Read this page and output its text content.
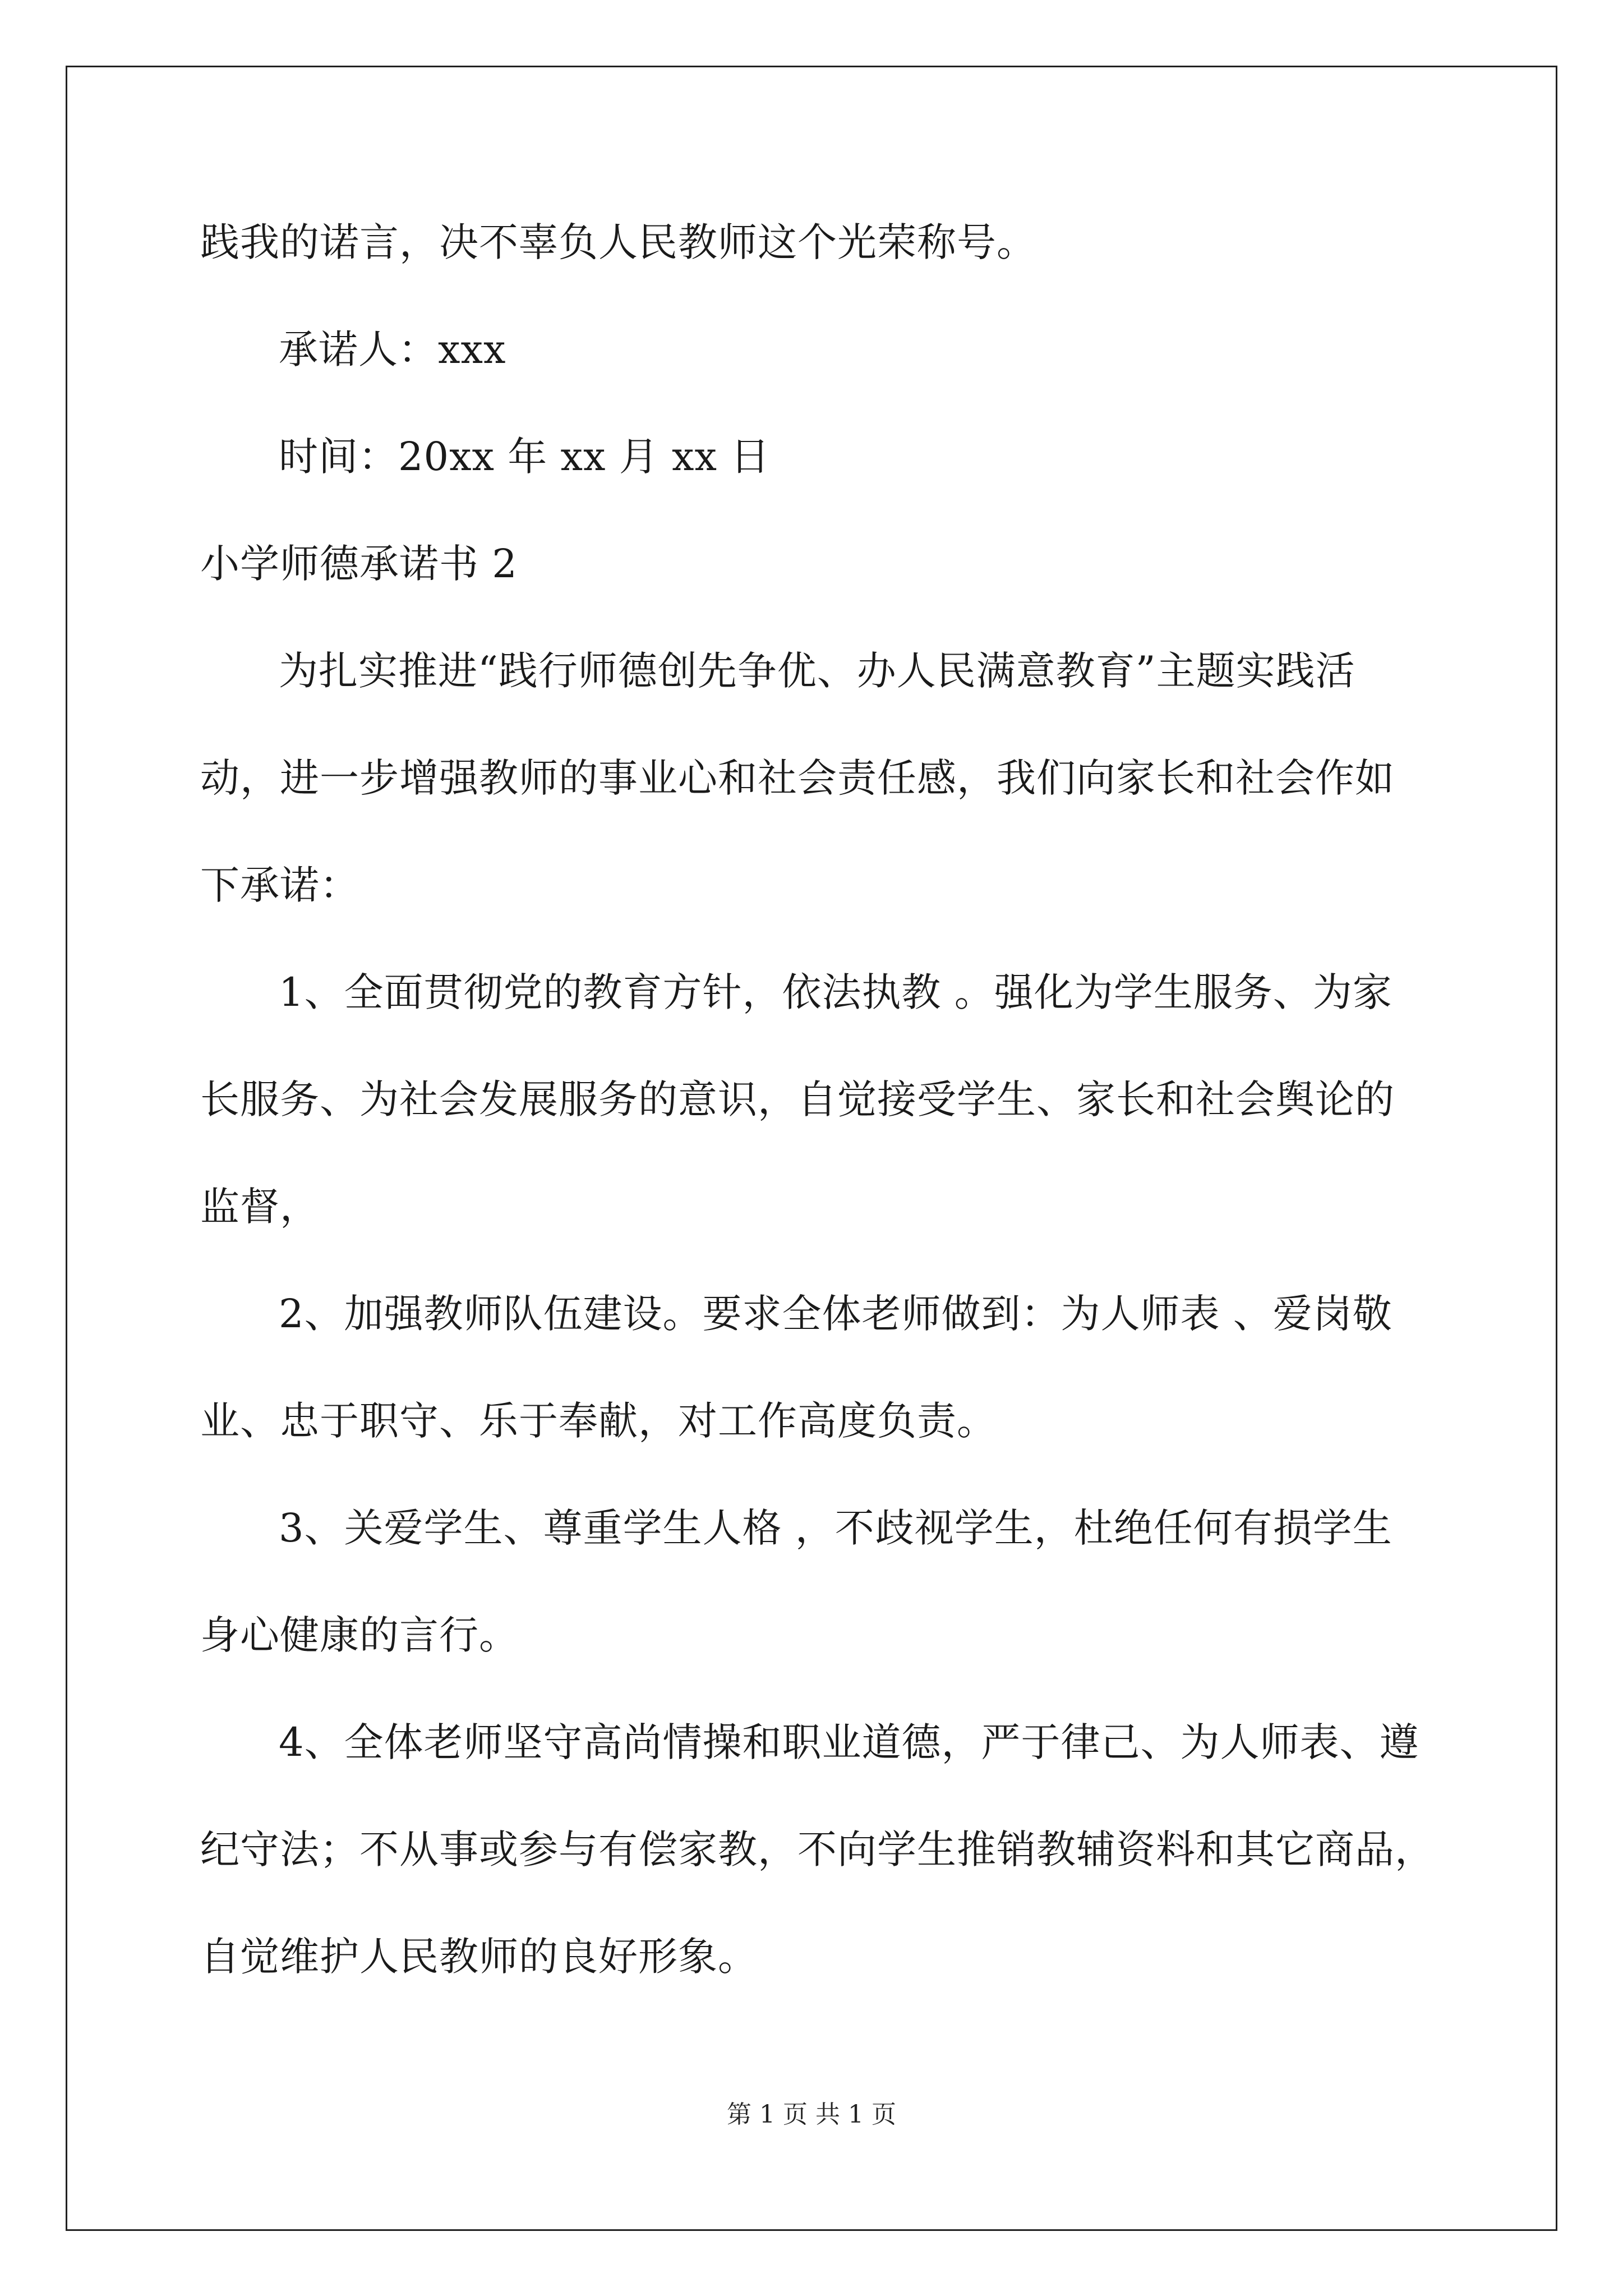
践我的诺言，决不辜负人民教师这个光荣称号。
承诺人：xxx
时间：20xx 年 xx 月 xx 日
小学师德承诺书 2
为扎实推进“践行师德创先争优、办人民满意教育”主题实践活
动，进一步增强教师的事业心和社会责任感，我们向家长和社会作如
下承诺：
1、全面贯彻党的教育方针，依法执教 。强化为学生服务、为家
长服务、为社会发展服务的意识，自觉接受学生、家长和社会舆论的
监督，
2、加强教师队伍建设。要求全体老师做到：为人师表 、爱岗敬
业、忠于职守、乐于奉献，对工作高度负责。
3、关爱学生、尊重学生人格 ，不歧视学生，杜绝任何有损学生
身心健康的言行。
4、全体老师坚守高尚情操和职业道德，严于律己、为人师表、遵
纪守法；不从事或参与有偿家教，不向学生推销教辅资料和其它商品，
自觉维护人民教师的良好形象。
第 1 页 共 1 页
